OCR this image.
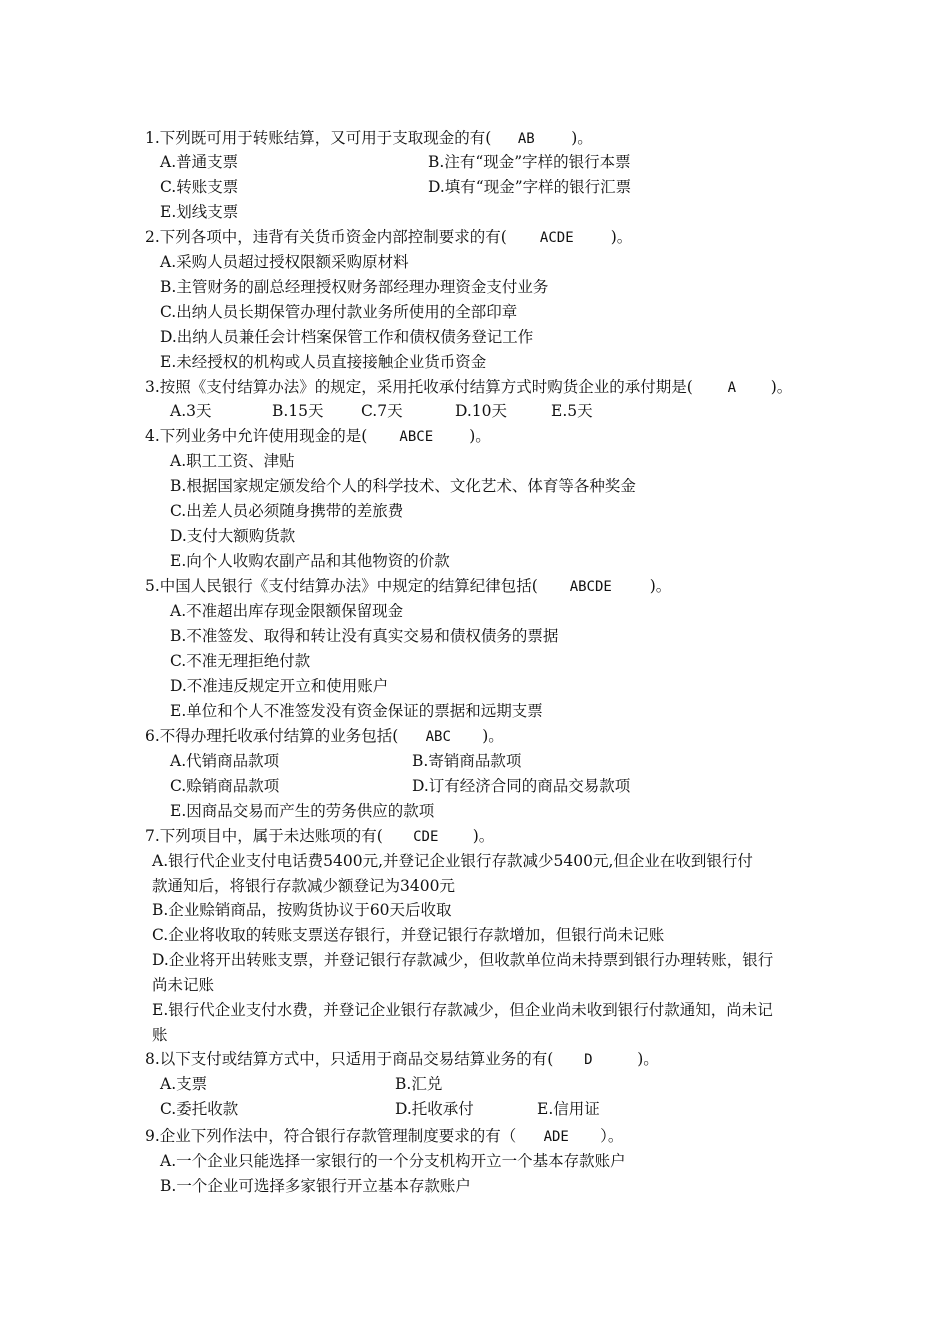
1.下列既可用于转账结算，又可用于支取现金的有( AB )。
A.普通支票	B.注有“现金”字样的银行本票
C.转账支票	D.填有“现金”字样的银行汇票
E.划线支票
2.下列各项中，违背有关货币资金内部控制要求的有( ACDE )。
A.采购人员超过授权限额采购原材料
B.主管财务的副总经理授权财务部经理办理资金支付业务
C.出纳人员长期保管办理付款业务所使用的全部印章
D.出纳人员兼任会计档案保管工作和债权债务登记工作
E.未经授权的机构或人员直接接触企业货币资金
3.按照《支付结算办法》的规定，采用托收承付结算方式时购货企业的承付期是( A )。
A.3天	B.15天 C.7天	D.10天	E.5天
4.下列业务中允许使用现金的是( ABCE )。
A.职工工资、津贴
B.根据国家规定颁发给个人的科学技术、文化艺术、体育等各种奖金
C.出差人员必须随身携带的差旅费
D.支付大额购货款
E.向个人收购农副产品和其他物资的价款
5.中国人民银行《支付结算办法》中规定的结算纪律包括( ABCDE )。
A.不准超出库存现金限额保留现金
B.不准签发、取得和转让没有真实交易和债权债务的票据
C.不准无理拒绝付款
D.不准违反规定开立和使用账户
E.单位和个人不准签发没有资金保证的票据和远期支票
6.不得办理托收承付结算的业务包括( ABC )。
A.代销商品款项	B.寄销商品款项
C.赊销商品款项	D.订有经济合同的商品交易款项
E.因商品交易而产生的劳务供应的款项
7.下列项目中，属于未达账项的有( CDE )。
A.银行代企业支付电话费5400元,并登记企业银行存款减少5400元,但企业在收到银行付
款通知后，将银行存款减少额登记为3400元
B.企业赊销商品，按购货协议于60天后收取
C.企业将收取的转账支票送存银行，并登记银行存款增加，但银行尚未记账
D.企业将开出转账支票，并登记银行存款减少，但收款单位尚未持票到银行办理转账，银行
尚未记账
E.银行代企业支付水费，并登记企业银行存款减少，但企业尚未收到银行付款通知，尚未记
账
8.以下支付或结算方式中，只适用于商品交易结算业务的有( D	)。
A.支票	B.汇兑
C.委托收款	D.托收承付	E.信用证
9.企业下列作法中，符合银行存款管理制度要求的有（ ADE ）。
A.一个企业只能选择一家银行的一个分支机构开立一个基本存款账户
B.一个企业可选择多家银行开立基本存款账户
